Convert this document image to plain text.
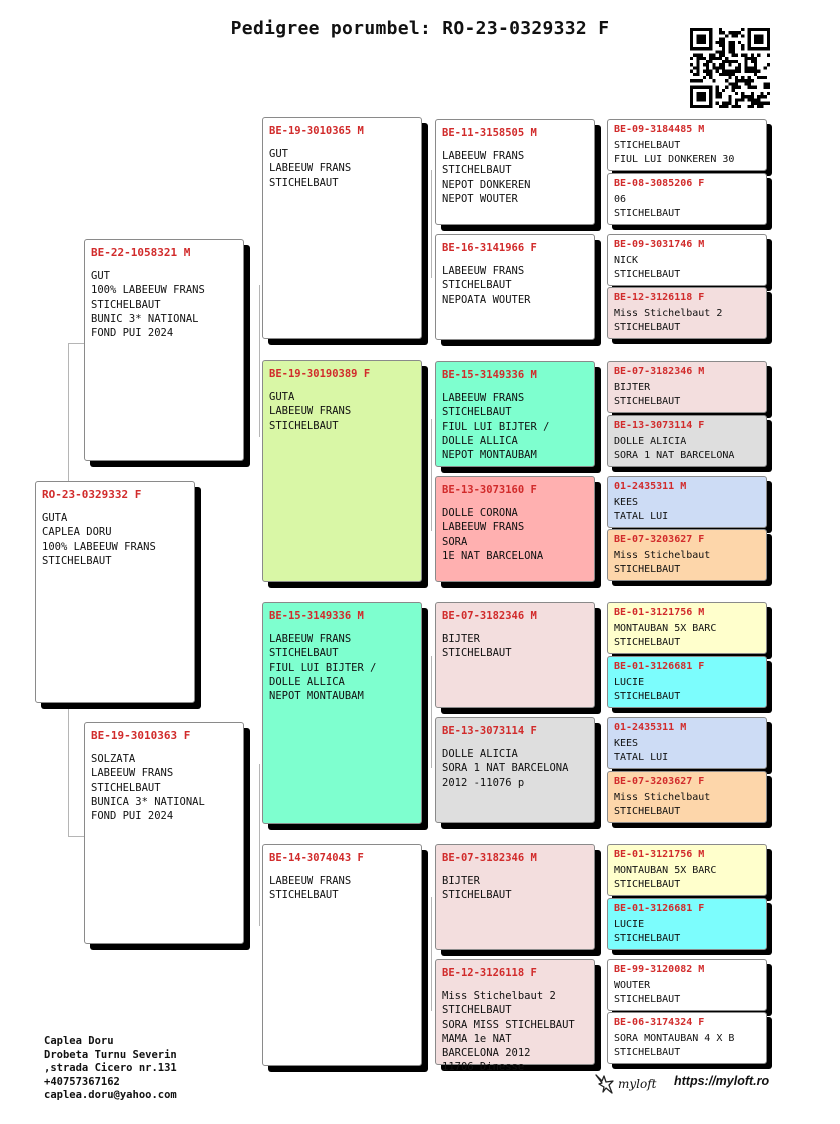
Pedigree porumbel: RO-23-0329332 F
RO-23-0329332 F
GUTA
CAPLEA DORU
100% LABEEUW FRANS
STICHELBAUT
BE-22-1058321 M
GUT
100% LABEEUW FRANS
STICHELBAUT
BUNIC 3* NATIONAL
FOND PUI 2024
BE-19-3010363 F
SOLZATA
LABEEUW FRANS
STICHELBAUT
BUNICA 3* NATIONAL
FOND PUI 2024
BE-19-3010365 M
GUT
LABEEUW FRANS
STICHELBAUT
BE-19-30190389 F
GUTA
LABEEUW FRANS
STICHELBAUT
BE-15-3149336 M
LABEEUW FRANS
STICHELBAUT
FIUL LUI BIJTER /
DOLLE ALLICA
NEPOT MONTAUBAM
BE-14-3074043 F
LABEEUW FRANS
STICHELBAUT
BE-11-3158505 M
LABEEUW FRANS
STICHELBAUT
NEPOT DONKEREN
NEPOT WOUTER
BE-16-3141966 F
LABEEUW FRANS
STICHELBAUT
NEPOATA WOUTER
BE-15-3149336 M
LABEEUW FRANS
STICHELBAUT
FIUL LUI BIJTER /
DOLLE ALLICA
NEPOT MONTAUBAM
BE-13-3073160 F
DOLLE CORONA
LABEEUW FRANS
SORA
1E NAT BARCELONA
BE-07-3182346 M
BIJTER
STICHELBAUT
BE-13-3073114 F
DOLLE ALICIA
SORA 1 NAT BARCELONA
2012 -11076 p
BE-07-3182346 M
BIJTER
STICHELBAUT
BE-12-3126118 F
Miss Stichelbaut 2
STICHELBAUT
SORA MISS STICHELBAUT
MAMA 1e NAT
BARCELONA 2012
11706 Dinesse
BE-09-3184485 M
STICHELBAUT
FIUL LUI DONKEREN 30
BE-08-3085206 F
06
STICHELBAUT
BE-09-3031746 M
NICK
STICHELBAUT
BE-12-3126118 F
Miss Stichelbaut 2
STICHELBAUT
BE-07-3182346 M
BIJTER
STICHELBAUT
BE-13-3073114 F
DOLLE ALICIA
SORA 1 NAT BARCELONA
01-2435311 M
KEES
TATAL LUI
BE-07-3203627 F
Miss Stichelbaut
STICHELBAUT
BE-01-3121756 M
MONTAUBAN 5X BARC
STICHELBAUT
BE-01-3126681 F
LUCIE
STICHELBAUT
01-2435311 M
KEES
TATAL LUI
BE-07-3203627 F
Miss Stichelbaut
STICHELBAUT
BE-01-3121756 M
MONTAUBAN 5X BARC
STICHELBAUT
BE-01-3126681 F
LUCIE
STICHELBAUT
BE-99-3120082 M
WOUTER
STICHELBAUT
BE-06-3174324 F
SORA MONTAUBAN 4 X B
STICHELBAUT
Caplea Doru
Drobeta Turnu Severin
,strada Cicero nr.131
+40757367162
caplea.doru@yahoo.com
myloft https://myloft.ro
